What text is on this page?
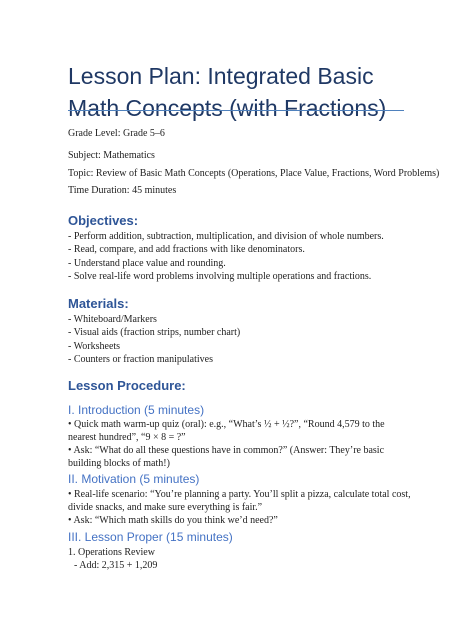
Lesson Plan: Integrated Basic Math Concepts (with Fractions)
Grade Level: Grade 5–6
Subject: Mathematics
Topic: Review of Basic Math Concepts (Operations, Place Value, Fractions, Word Problems)
Time Duration: 45 minutes
Objectives:
- Perform addition, subtraction, multiplication, and division of whole numbers.
- Read, compare, and add fractions with like denominators.
- Understand place value and rounding.
- Solve real-life word problems involving multiple operations and fractions.
Materials:
- Whiteboard/Markers
- Visual aids (fraction strips, number chart)
- Worksheets
- Counters or fraction manipulatives
Lesson Procedure:
I. Introduction (5 minutes)

• Quick math warm-up quiz (oral): e.g., “What’s ½ + ½?”, “Round 4,579 to the nearest hundred”, “9 × 8 = ?”

• Ask: “What do all these questions have in common?” (Answer: They’re basic building blocks of math!)

II. Motivation (5 minutes)

• Real-life scenario: “You’re planning a party. You’ll split a pizza, calculate total cost, divide snacks, and make sure everything is fair.”

• Ask: “Which math skills do you think we’d need?”

III. Lesson Proper (15 minutes)

1. Operations Review

- Add: 2,315 + 1,209
